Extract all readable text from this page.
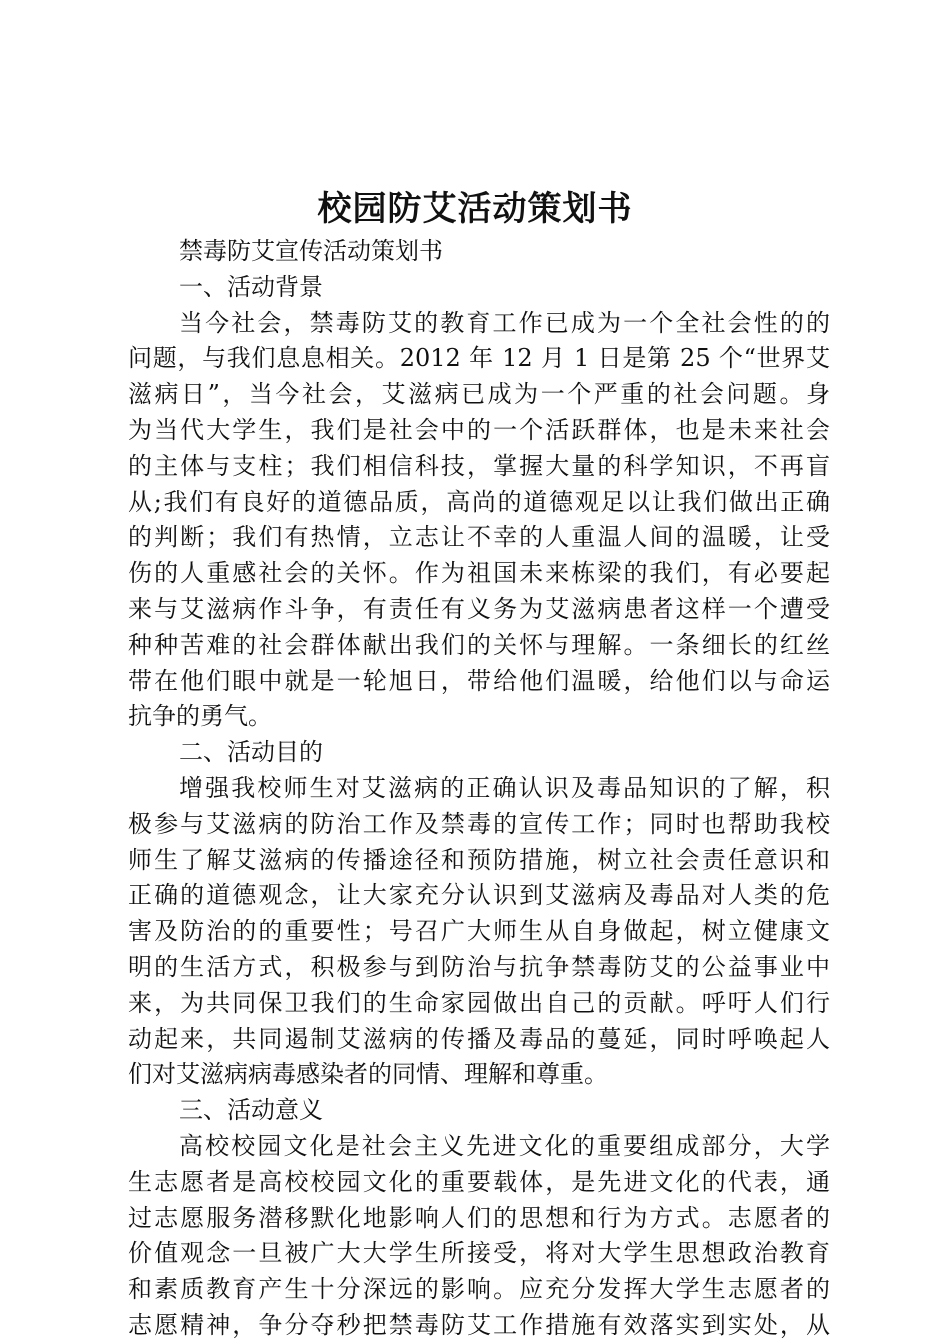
校园防艾活动策划书
禁毒防艾宣传活动策划书
一、活动背景
当今社会，禁毒防艾的教育工作已成为一个全社会性的的
问题，与我们息息相关。2012 年 12 月 1 日是第 25 个“世界艾
滋病日”，当今社会，艾滋病已成为一个严重的社会问题。身
为当代大学生，我们是社会中的一个活跃群体，也是未来社会
的主体与支柱；我们相信科技，掌握大量的科学知识，不再盲
从;我们有良好的道德品质，高尚的道德观足以让我们做出正确
的判断；我们有热情，立志让不幸的人重温人间的温暖，让受
伤的人重感社会的关怀。作为祖国未来栋梁的我们，有必要起
来与艾滋病作斗争，有责任有义务为艾滋病患者这样一个遭受
种种苦难的社会群体献出我们的关怀与理解。一条细长的红丝
带在他们眼中就是一轮旭日，带给他们温暖，给他们以与命运
抗争的勇气。
二、活动目的
增强我校师生对艾滋病的正确认识及毒品知识的了解，积
极参与艾滋病的防治工作及禁毒的宣传工作；同时也帮助我校
师生了解艾滋病的传播途径和预防措施，树立社会责任意识和
正确的道德观念，让大家充分认识到艾滋病及毒品对人类的危
害及防治的的重要性；号召广大师生从自身做起，树立健康文
明的生活方式，积极参与到防治与抗争禁毒防艾的公益事业中
来，为共同保卫我们的生命家园做出自己的贡献。呼吁人们行
动起来，共同遏制艾滋病的传播及毒品的蔓延，同时呼唤起人
们对艾滋病病毒感染者的同情、理解和尊重。
三、活动意义
高校校园文化是社会主义先进文化的重要组成部分，大学
生志愿者是高校校园文化的重要载体，是先进文化的代表，通
过志愿服务潜移默化地影响人们的思想和行为方式。志愿者的
价值观念一旦被广大大学生所接受，将对大学生思想政治教育
和素质教育产生十分深远的影响。应充分发挥大学生志愿者的
志愿精神，争分夺秒把禁毒防艾工作措施有效落实到实处，从
